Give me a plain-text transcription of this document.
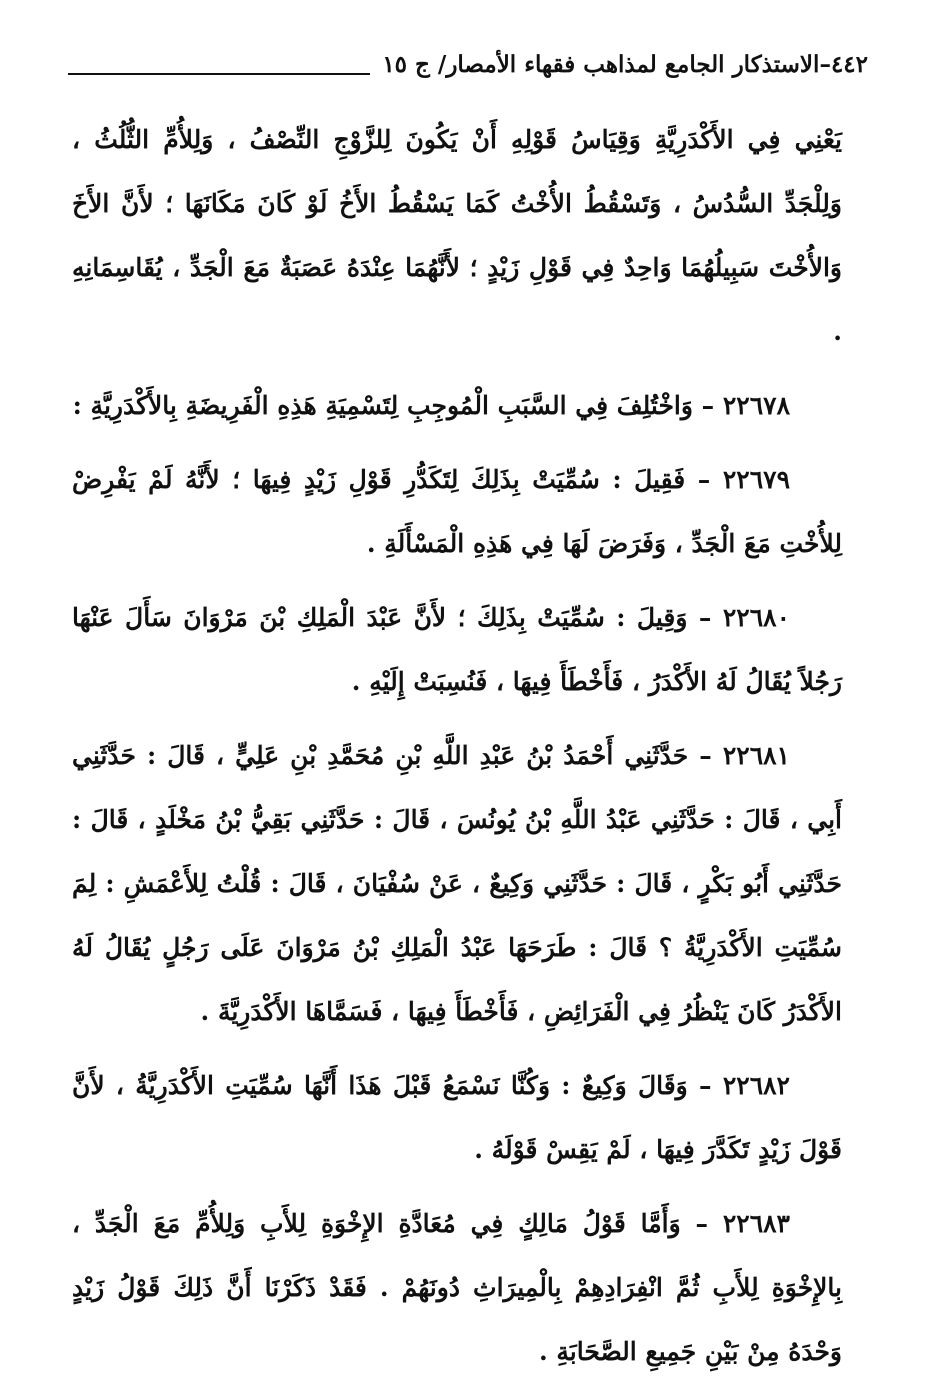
٤٤٢
–
الاستذكار الجامع لمذاهب فقهاء الأمصار
/ ج ١٥

يَعْنِي فِي الأَكْدَرِيَّةِ وَقِيَاسُ قَوْلِهِ أَنْ يَكُونَ لِلزَّوْجِ النِّصْفُ ، وَلِلأُمِّ الثُّلُثُ ، وَلِلْجَدِّ السُّدُسُ ، وَتَسْقُطُ الأُخْتُ كَمَا يَسْقُطُ الأَخُ لَوْ كَانَ مَكَانَهَا ؛ لأَنَّ الأَخَ وَالأُخْتَ سَبِيلُهُمَا وَاحِدٌ فِي قَوْلِ زَيْدٍ ؛ لأَنَّهُمَا عِنْدَهُ عَصَبَةٌ مَعَ الْجَدِّ ، يُقَاسِمَانِهِ .

٢٢٦٧٨ – وَاخْتُلِفَ فِي السَّبَبِ الْمُوجِبِ لِتَسْمِيَةِ هَذِهِ الْفَرِيضَةِ بِالأَكْدَرِيَّةِ :

٢٢٦٧٩ – فَقِيلَ : سُمِّيَتْ بِذَلِكَ لِتَكَدُّرِ قَوْلِ زَيْدٍ فِيهَا ؛ لأَنَّهُ لَمْ يَفْرِضْ لِلأُخْتِ مَعَ الْجَدِّ ، وَفَرَضَ لَهَا فِي هَذِهِ الْمَسْأَلَةِ .

٢٢٦٨٠ – وَقِيلَ : سُمِّيَتْ بِذَلِكَ ؛ لأَنَّ عَبْدَ الْمَلِكِ بْنَ مَرْوَانَ سَأَلَ عَنْهَا رَجُلاً يُقَالُ لَهُ الأَكْدَرُ ، فَأَخْطَأَ فِيهَا ، فَنُسِبَتْ إِلَيْهِ .

٢٢٦٨١ – حَدَّثَنِي أَحْمَدُ بْنُ عَبْدِ اللَّهِ بْنِ مُحَمَّدِ بْنِ عَلِيٍّ ، قَالَ : حَدَّثَنِي أَبِي ، قَالَ : حَدَّثَنِي عَبْدُ اللَّهِ بْنُ يُونُسَ ، قَالَ : حَدَّثَنِي بَقِيُّ بْنُ مَخْلَدٍ ، قَالَ : حَدَّثَنِي أَبُو بَكْرٍ ، قَالَ : حَدَّثَنِي وَكِيعٌ ، عَنْ سُفْيَانَ ، قَالَ : قُلْتُ لِلأَعْمَشِ : لِمَ سُمِّيَتِ الأَكْدَرِيَّةُ ؟ قَالَ : طَرَحَهَا عَبْدُ الْمَلِكِ بْنُ مَرْوَانَ عَلَى رَجُلٍ يُقَالُ لَهُ الأَكْدَرُ كَانَ يَنْظُرُ فِي الْفَرَائِضِ ، فَأَخْطَأَ فِيهَا ، فَسَمَّاهَا الأَكْدَرِيَّةَ .

٢٢٦٨٢ – وَقَالَ وَكِيعٌ : وَكُنَّا نَسْمَعُ قَبْلَ هَذَا أَنَّهَا سُمِّيَتِ الأَكْدَرِيَّةُ ، لأَنَّ قَوْلَ زَيْدٍ تَكَدَّرَ فِيهَا ، لَمْ يَقِسْ قَوْلَهُ .

٢٢٦٨٣ – وَأَمَّا قَوْلُ مَالِكٍ فِي مُعَادَّةِ الإِخْوَةِ لِلأَبِ وَلِلأُمِّ مَعَ الْجَدِّ ، بِالإِخْوَةِ لِلأَبِ ثُمَّ انْفِرَادِهِمْ بِالْمِيرَاثِ دُونَهُمْ . فَقَدْ ذَكَرْنَا أَنَّ ذَلِكَ قَوْلُ زَيْدٍ وَحْدَهُ مِنْ بَيْنِ جَمِيعِ الصَّحَابَةِ .
